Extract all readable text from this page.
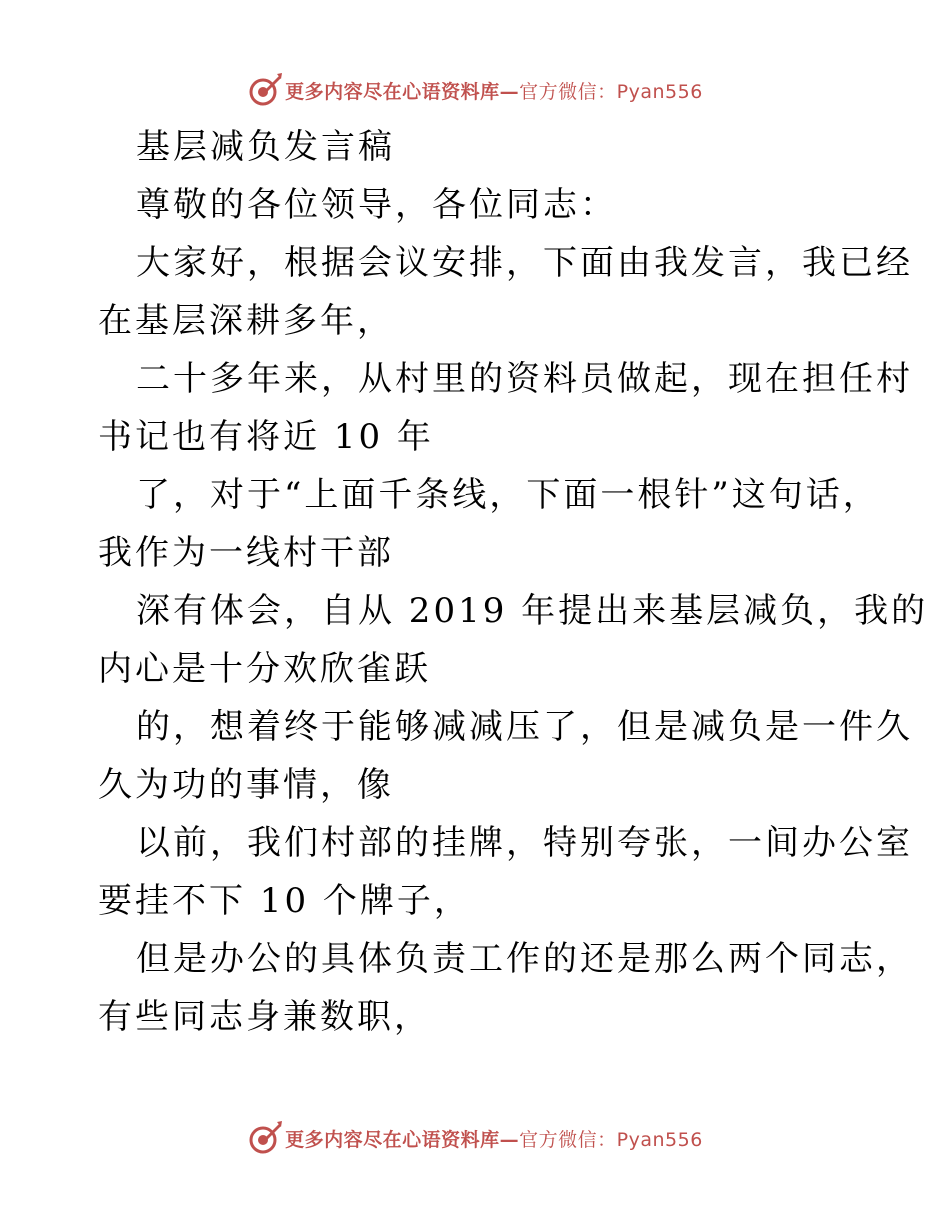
更多内容尽在心语资料库— 官方微信：Pyan556

基层减负发言稿

尊敬的各位领导，各位同志：

大家好，根据会议安排，下面由我发言，我已经
在基层深耕多年，

二十多年来，从村里的资料员做起，现在担任村
书记也有将近 10 年

了，对于“上面千条线，下面一根针”这句话，
我作为一线村干部

深有体会，自从 2019 年提出来基层减负，我的
内心是十分欢欣雀跃

的，想着终于能够减减压了，但是减负是一件久
久为功的事情，像

以前，我们村部的挂牌，特别夸张，一间办公室
要挂不下 10 个牌子，

但是办公的具体负责工作的还是那么两个同志，
有些同志身兼数职，

更多内容尽在心语资料库— 官方微信：Pyan556
